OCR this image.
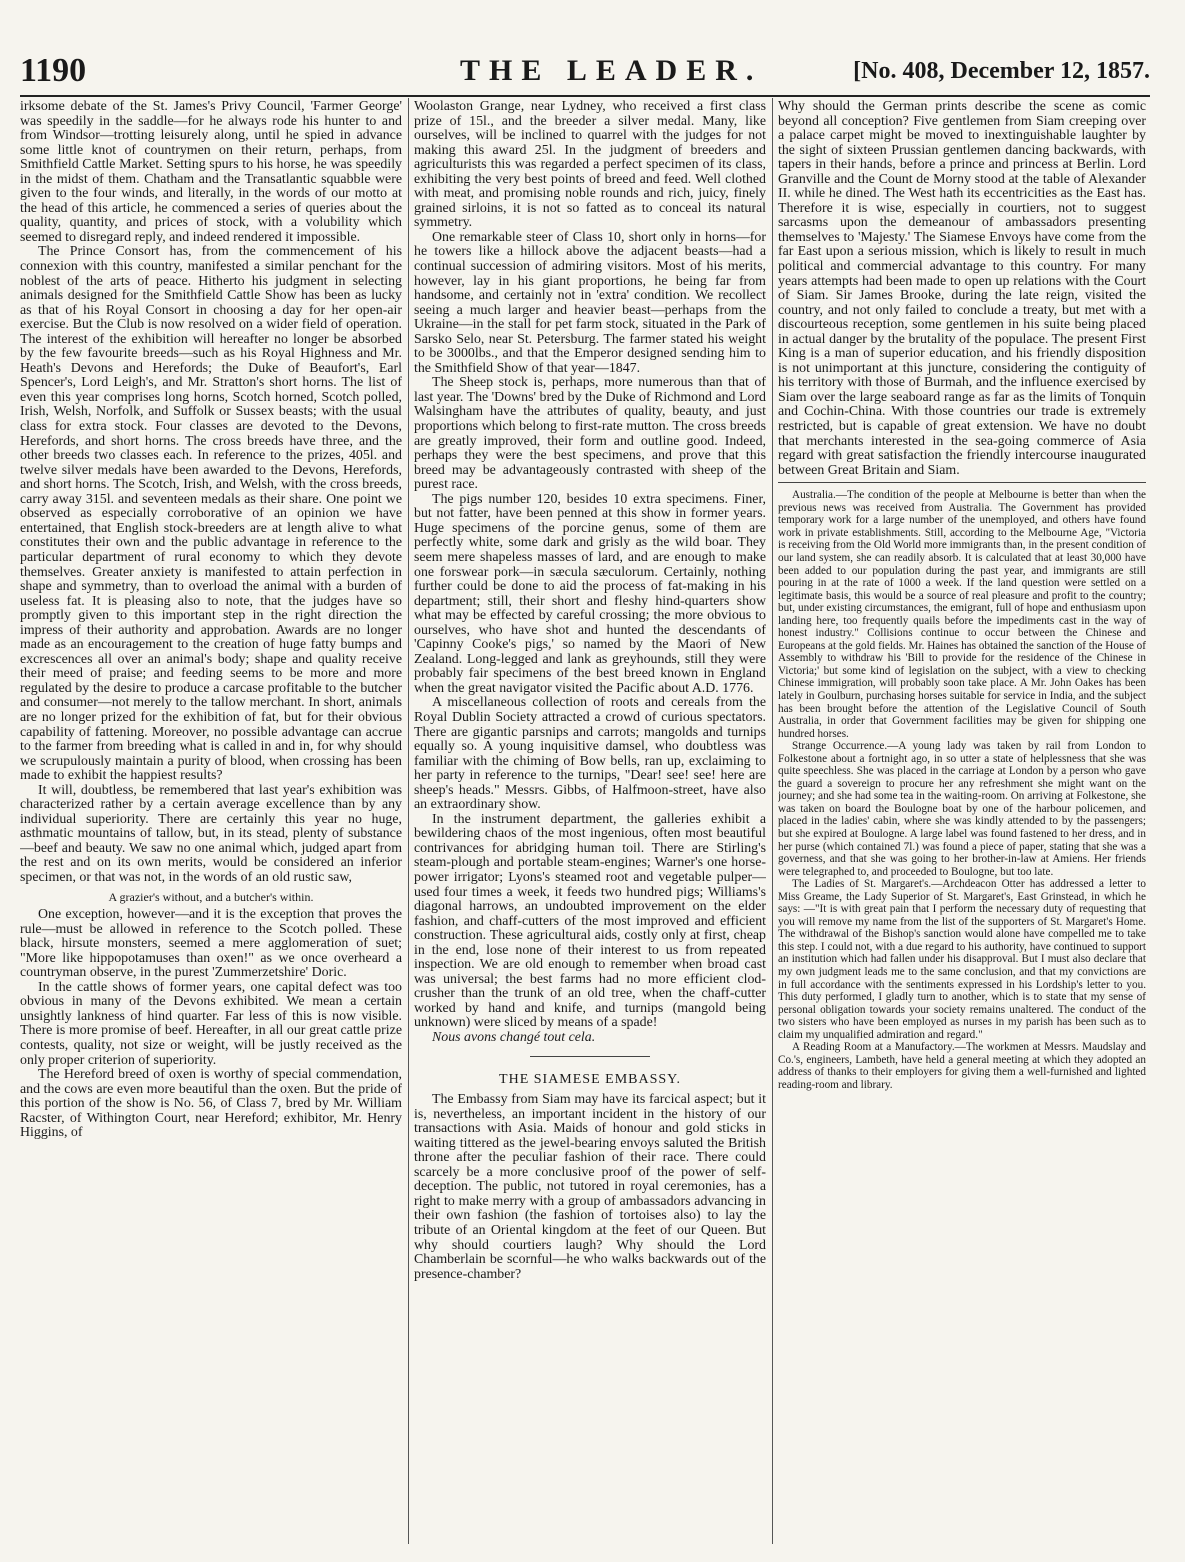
1190	THE LEADER.	[No. 408, December 12, 1857.

irksome debate of the St. James's Privy Council, 'Farmer George' was speedily in the saddle—for he always rode his hunter to and from Windsor—trotting leisurely along, until he spied in advance some little knot of countrymen on their return, perhaps, from Smithfield Cattle Market. Setting spurs to his horse, he was speedily in the midst of them. Chatham and the Transatlantic squabble were given to the four winds, and literally, in the words of our motto at the head of this article, he commenced a series of queries about the quality, quantity, and prices of stock, with a volubility which seemed to disregard reply, and indeed rendered it impossible.

The Prince Consort has, from the commencement of his connexion with this country, manifested a similar penchant for the noblest of the arts of peace. Hitherto his judgment in selecting animals designed for the Smithfield Cattle Show has been as lucky as that of his Royal Consort in choosing a day for her open-air exercise. But the Club is now resolved on a wider field of operation. The interest of the exhibition will hereafter no longer be absorbed by the few favourite breeds—such as his Royal Highness and Mr. Heath's Devons and Herefords; the Duke of Beaufort's, Earl Spencer's, Lord Leigh's, and Mr. Stratton's short horns. The list of even this year comprises long horns, Scotch horned, Scotch polled, Irish, Welsh, Norfolk, and Suffolk or Sussex beasts; with the usual class for extra stock. Four classes are devoted to the Devons, Herefords, and short horns. The cross breeds have three, and the other breeds two classes each. In reference to the prizes, 405l. and twelve silver medals have been awarded to the Devons, Herefords, and short horns. The Scotch, Irish, and Welsh, with the cross breeds, carry away 315l. and seventeen medals as their share. One point we observed as especially corroborative of an opinion we have entertained, that English stock-breeders are at length alive to what constitutes their own and the public advantage in reference to the particular department of rural economy to which they devote themselves. Greater anxiety is manifested to attain perfection in shape and symmetry, than to overload the animal with a burden of useless fat. It is pleasing also to note, that the judges have so promptly given to this important step in the right direction the impress of their authority and approbation. Awards are no longer made as an encouragement to the creation of huge fatty bumps and excrescences all over an animal's body; shape and quality receive their meed of praise; and feeding seems to be more and more regulated by the desire to produce a carcase profitable to the butcher and consumer—not merely to the tallow merchant. In short, animals are no longer prized for the exhibition of fat, but for their obvious capability of fattening. Moreover, no possible advantage can accrue to the farmer from breeding what is called in and in, for why should we scrupulously maintain a purity of blood, when crossing has been made to exhibit the happiest results?

It will, doubtless, be remembered that last year's exhibition was characterized rather by a certain average excellence than by any individual superiority. There are certainly this year no huge, asthmatic mountains of tallow, but, in its stead, plenty of substance—beef and beauty. We saw no one animal which, judged apart from the rest and on its own merits, would be considered an inferior specimen, or that was not, in the words of an old rustic saw,

A grazier's without, and a butcher's within.

One exception, however—and it is the exception that proves the rule—must be allowed in reference to the Scotch polled. These black, hirsute monsters, seemed a mere agglomeration of suet; "More like hippopotamuses than oxen!" as we once overheard a countryman observe, in the purest 'Zummerzetshire' Doric.

In the cattle shows of former years, one capital defect was too obvious in many of the Devons exhibited. We mean a certain unsightly lankness of hind quarter. Far less of this is now visible. There is more promise of beef. Hereafter, in all our great cattle prize contests, quality, not size or weight, will be justly received as the only proper criterion of superiority.

The Hereford breed of oxen is worthy of special commendation, and the cows are even more beautiful than the oxen. But the pride of this portion of the show is No. 56, of Class 7, bred by Mr. William Racster, of Withington Court, near Hereford; exhibitor, Mr. Henry Higgins, of

Woolaston Grange, near Lydney, who received a first class prize of 15l., and the breeder a silver medal. Many, like ourselves, will be inclined to quarrel with the judges for not making this award 25l. In the judgment of breeders and agriculturists this was regarded a perfect specimen of its class, exhibiting the very best points of breed and feed. Well clothed with meat, and promising noble rounds and rich, juicy, finely grained sirloins, it is not so fatted as to conceal its natural symmetry.

One remarkable steer of Class 10, short only in horns—for he towers like a hillock above the adjacent beasts—had a continual succession of admiring visitors. Most of his merits, however, lay in his giant proportions, he being far from handsome, and certainly not in 'extra' condition. We recollect seeing a much larger and heavier beast—perhaps from the Ukraine—in the stall for pet farm stock, situated in the Park of Sarsko Selo, near St. Petersburg. The farmer stated his weight to be 3000lbs., and that the Emperor designed sending him to the Smithfield Show of that year—1847.

The Sheep stock is, perhaps, more numerous than that of last year. The 'Downs' bred by the Duke of Richmond and Lord Walsingham have the attributes of quality, beauty, and just proportions which belong to first-rate mutton. The cross breeds are greatly improved, their form and outline good. Indeed, perhaps they were the best specimens, and prove that this breed may be advantageously contrasted with sheep of the purest race.

The pigs number 120, besides 10 extra specimens. Finer, but not fatter, have been penned at this show in former years. Huge specimens of the porcine genus, some of them are perfectly white, some dark and grisly as the wild boar. They seem mere shapeless masses of lard, and are enough to make one forswear pork—in sæcula sæculorum. Certainly, nothing further could be done to aid the process of fat-making in his department; still, their short and fleshy hind-quarters show what may be effected by careful crossing; the more obvious to ourselves, who have shot and hunted the descendants of 'Capinny Cooke's pigs,' so named by the Maori of New Zealand. Long-legged and lank as greyhounds, still they were probably fair specimens of the best breed known in England when the great navigator visited the Pacific about A.D. 1776.

A miscellaneous collection of roots and cereals from the Royal Dublin Society attracted a crowd of curious spectators. There are gigantic parsnips and carrots; mangolds and turnips equally so. A young inquisitive damsel, who doubtless was familiar with the chiming of Bow bells, ran up, exclaiming to her party in reference to the turnips, "Dear! see! see! here are sheep's heads." Messrs. Gibbs, of Halfmoon-street, have also an extraordinary show.

In the instrument department, the galleries exhibit a bewildering chaos of the most ingenious, often most beautiful contrivances for abridging human toil. There are Stirling's steam-plough and portable steam-engines; Warner's one horse-power irrigator; Lyons's steamed root and vegetable pulper—used four times a week, it feeds two hundred pigs; Williams's diagonal harrows, an undoubted improvement on the elder fashion, and chaff-cutters of the most improved and efficient construction. These agricultural aids, costly only at first, cheap in the end, lose none of their interest to us from repeated inspection. We are old enough to remember when broad cast was universal; the best farms had no more efficient clod-crusher than the trunk of an old tree, when the chaff-cutter worked by hand and knife, and turnips (mangold being unknown) were sliced by means of a spade!

Nous avons changé tout cela.

THE SIAMESE EMBASSY.

The Embassy from Siam may have its farcical aspect; but it is, nevertheless, an important incident in the history of our transactions with Asia. Maids of honour and gold sticks in waiting tittered as the jewel-bearing envoys saluted the British throne after the peculiar fashion of their race. There could scarcely be a more conclusive proof of the power of self-deception. The public, not tutored in royal ceremonies, has a right to make merry with a group of ambassadors advancing in their own fashion (the fashion of tortoises also) to lay the tribute of an Oriental kingdom at the feet of our Queen. But why should courtiers laugh? Why should the Lord Chamberlain be scornful—he who walks backwards out of the presence-chamber?

Why should the German prints describe the scene as comic beyond all conception? Five gentlemen from Siam creeping over a palace carpet might be moved to inextinguishable laughter by the sight of sixteen Prussian gentlemen dancing backwards, with tapers in their hands, before a prince and princess at Berlin. Lord Granville and the Count de Morny stood at the table of Alexander II. while he dined. The West hath its eccentricities as the East has. Therefore it is wise, especially in courtiers, not to suggest sarcasms upon the demeanour of ambassadors presenting themselves to 'Majesty.' The Siamese Envoys have come from the far East upon a serious mission, which is likely to result in much political and commercial advantage to this country. For many years attempts had been made to open up relations with the Court of Siam. Sir James Brooke, during the late reign, visited the country, and not only failed to conclude a treaty, but met with a discourteous reception, some gentlemen in his suite being placed in actual danger by the brutality of the populace. The present First King is a man of superior education, and his friendly disposition is not unimportant at this juncture, considering the contiguity of his territory with those of Burmah, and the influence exercised by Siam over the large seaboard range as far as the limits of Tonquin and Cochin-China. With those countries our trade is extremely restricted, but is capable of great extension. We have no doubt that merchants interested in the sea-going commerce of Asia regard with great satisfaction the friendly intercourse inaugurated between Great Britain and Siam.

Australia.—The condition of the people at Melbourne is better than when the previous news was received from Australia. The Government has provided temporary work for a large number of the unemployed, and others have found work in private establishments. Still, according to the Melbourne Age, "Victoria is receiving from the Old World more immigrants than, in the present condition of our land system, she can readily absorb. It is calculated that at least 30,000 have been added to our population during the past year, and immigrants are still pouring in at the rate of 1000 a week. If the land question were settled on a legitimate basis, this would be a source of real pleasure and profit to the country; but, under existing circumstances, the emigrant, full of hope and enthusiasm upon landing here, too frequently quails before the impediments cast in the way of honest industry." Collisions continue to occur between the Chinese and Europeans at the gold fields. Mr. Haines has obtained the sanction of the House of Assembly to withdraw his 'Bill to provide for the residence of the Chinese in Victoria;' but some kind of legislation on the subject, with a view to checking Chinese immigration, will probably soon take place. A Mr. John Oakes has been lately in Goulburn, purchasing horses suitable for service in India, and the subject has been brought before the attention of the Legislative Council of South Australia, in order that Government facilities may be given for shipping one hundred horses.

Strange Occurrence.—A young lady was taken by rail from London to Folkestone about a fortnight ago, in so utter a state of helplessness that she was quite speechless. She was placed in the carriage at London by a person who gave the guard a sovereign to procure her any refreshment she might want on the journey; and she had some tea in the waiting-room. On arriving at Folkestone, she was taken on board the Boulogne boat by one of the harbour policemen, and placed in the ladies' cabin, where she was kindly attended to by the passengers; but she expired at Boulogne. A large label was found fastened to her dress, and in her purse (which contained 7l.) was found a piece of paper, stating that she was a governess, and that she was going to her brother-in-law at Amiens. Her friends were telegraphed to, and proceeded to Boulogne, but too late.

The Ladies of St. Margaret's.—Archdeacon Otter has addressed a letter to Miss Greame, the Lady Superior of St. Margaret's, East Grinstead, in which he says: —"It is with great pain that I perform the necessary duty of requesting that you will remove my name from the list of the supporters of St. Margaret's Home. The withdrawal of the Bishop's sanction would alone have compelled me to take this step. I could not, with a due regard to his authority, have continued to support an institution which had fallen under his disapproval. But I must also declare that my own judgment leads me to the same conclusion, and that my convictions are in full accordance with the sentiments expressed in his Lordship's letter to you. This duty performed, I gladly turn to another, which is to state that my sense of personal obligation towards your society remains unaltered. The conduct of the two sisters who have been employed as nurses in my parish has been such as to claim my unqualified admiration and regard."

A Reading Room at a Manufactory.—The workmen at Messrs. Maudslay and Co.'s, engineers, Lambeth, have held a general meeting at which they adopted an address of thanks to their employers for giving them a well-furnished and lighted reading-room and library.
